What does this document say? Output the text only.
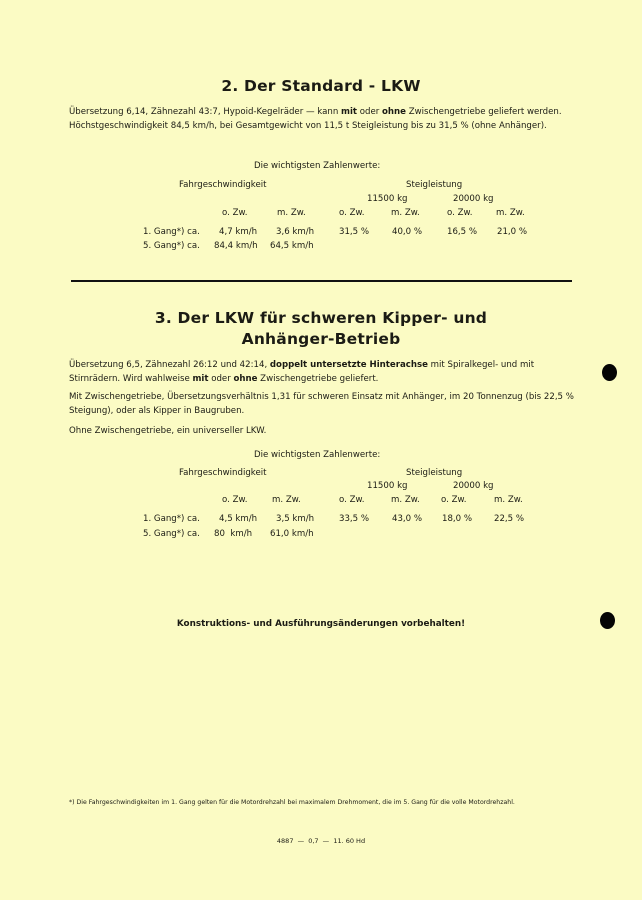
2. Der Standard - LKW

Übersetzung 6,14, Zähnezahl 43:7, Hypoid-Kegelräder — kann mit oder ohne Zwischengetriebe geliefert werden. Höchstgeschwindigkeit 84,5 km/h, bei Gesamtgewicht von 11,5 t Steigleistung bis zu 31,5 % (ohne Anhänger).

Die wichtigsten Zahlenwerte:
Fahrgeschwindigkeit	Steigleistung
11500 kg	20000 kg
o. Zw.	m. Zw.	o. Zw.	m. Zw.	o. Zw.	m. Zw.
1. Gang*) ca. 4,7 km/h 3,6 km/h	31,5 %	40,0 %	16,5 % 21,0 %
5. Gang*) ca. 84,4 km/h 64,5 km/h
3. Der LKW für schweren Kipper- und
Anhänger-Betrieb

Übersetzung 6,5, Zähnezahl 26:12 und 42:14, doppelt untersetzte Hinterachse mit Spiralkegel- und mit Stirnrädern. Wird wahlweise mit oder ohne Zwischengetriebe geliefert.

Mit Zwischengetriebe, Übersetzungsverhältnis 1,31 für schweren Einsatz mit Anhänger, im 20 Tonnenzug (bis 22,5 % Steigung), oder als Kipper in Baugruben.

Ohne Zwischengetriebe, ein universeller LKW.

Die wichtigsten Zahlenwerte:
Fahrgeschwindigkeit	Steigleistung
11500 kg	20000 kg
o. Zw.	m. Zw.	o. Zw.	m. Zw. o. Zw.	m. Zw.
1. Gang*) ca. 4,5 km/h 3,5 km/h	33,5 %	43,0 % 18,0 %	22,5 %
5. Gang*) ca. 80  km/h 61,0 km/h
Konstruktions- und Ausführungsänderungen vorbehalten!
*) Die Fahrgeschwindigkeiten im 1. Gang gelten für die Motordrehzahl bei maximalem Drehmoment, die im 5. Gang für die volle Motordrehzahl.
4887  —  0,7  —  11. 60 Hd
